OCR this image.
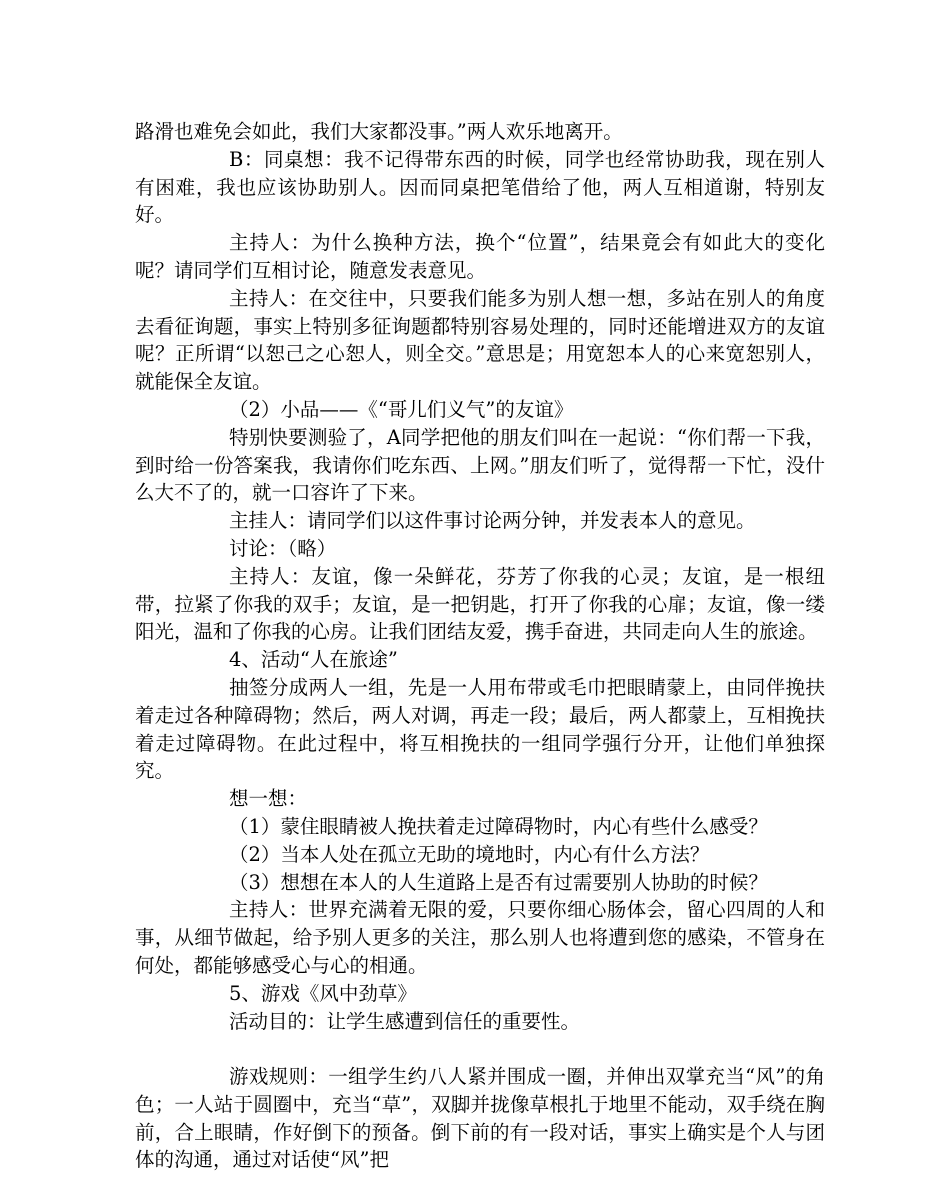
路滑也难免会如此，我们大家都没事。”两人欢乐地离开。

B：同桌想：我不记得带东西的时候，同学也经常协助我，现在别人有困难，我也应该协助别人。因而同桌把笔借给了他，两人互相道谢，特别友好。

主持人：为什么换种方法，换个“位置”，结果竟会有如此大的变化呢？请同学们互相讨论，随意发表意见。

主持人：在交往中，只要我们能多为别人想一想，多站在别人的角度去看征询题，事实上特别多征询题都特别容易处理的，同时还能增进双方的友谊呢？正所谓“以恕己之心恕人，则全交。”意思是；用宽恕本人的心来宽恕别人，就能保全友谊。

（2）小品——《“哥儿们义气”的友谊》

特别快要测验了，A同学把他的朋友们叫在一起说：“你们帮一下我，到时给一份答案我，我请你们吃东西、上网。”朋友们听了，觉得帮一下忙，没什么大不了的，就一口容许了下来。

主挂人：请同学们以这件事讨论两分钟，并发表本人的意见。

讨论：（略）

主持人：友谊，像一朵鲜花，芬芳了你我的心灵；友谊，是一根纽带，拉紧了你我的双手；友谊，是一把钥匙，打开了你我的心扉；友谊，像一缕阳光，温和了你我的心房。让我们团结友爱，携手奋进，共同走向人生的旅途。

4、活动“人在旅途”

抽签分成两人一组，先是一人用布带或毛巾把眼睛蒙上，由同伴挽扶着走过各种障碍物；然后，两人对调，再走一段；最后，两人都蒙上，互相挽扶着走过障碍物。在此过程中，将互相挽扶的一组同学强行分开，让他们单独探究。

想一想：

（1）蒙住眼睛被人挽扶着走过障碍物时，内心有些什么感受？

（2）当本人处在孤立无助的境地时，内心有什么方法？

（3）想想在本人的人生道路上是否有过需要别人协助的时候？

主持人：世界充满着无限的爱，只要你细心肠体会，留心四周的人和事，从细节做起，给予别人更多的关注，那么别人也将遭到您的感染，不管身在何处，都能够感受心与心的相通。

5、游戏《风中劲草》

活动目的：让学生感遭到信任的重要性。

游戏规则：一组学生约八人紧并围成一圈，并伸出双掌充当“风”的角色；一人站于圆圈中，充当“草”，双脚并拢像草根扎于地里不能动，双手绕在胸前，合上眼睛，作好倒下的预备。倒下前的有一段对话，事实上确实是个人与团体的沟通，通过对话使“风”把
